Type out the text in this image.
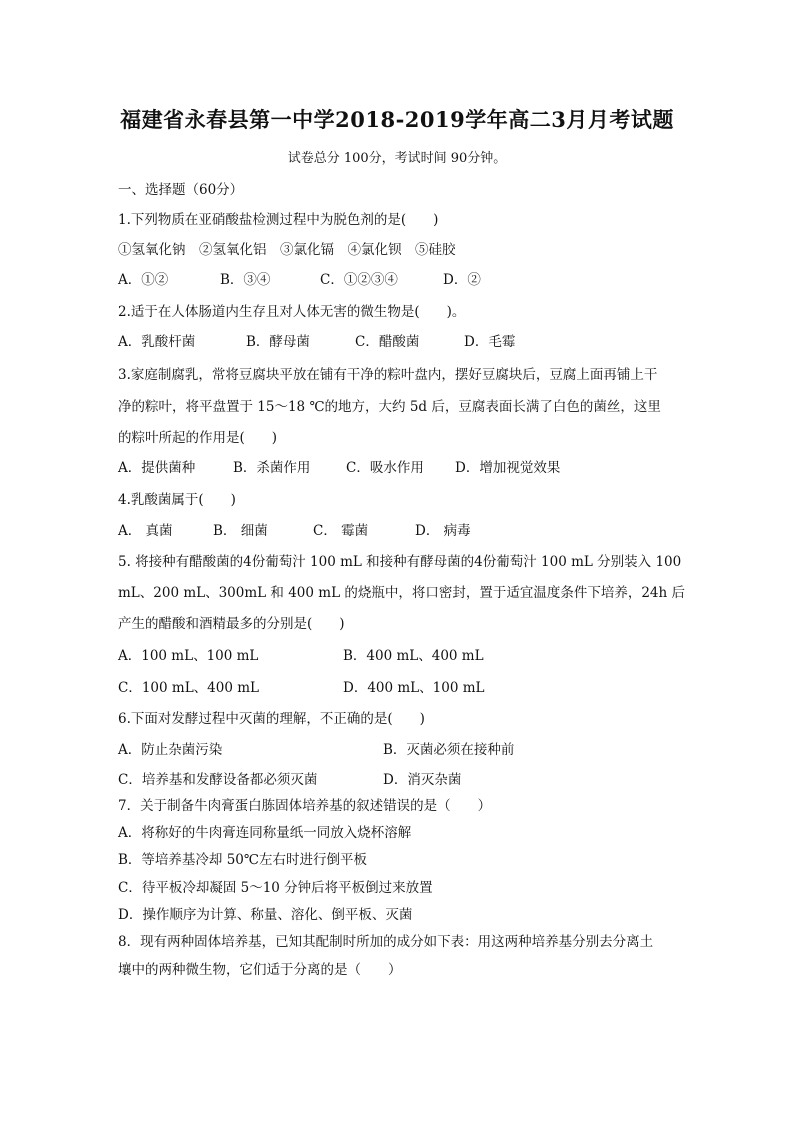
福建省永春县第一中学2018-2019学年高二3月月考试题
试卷总分 100分，考试时间 90分钟。
一、选择题（60分）
1.下列物质在亚硝酸盐检测过程中为脱色剂的是(　　)
①氢氧化钠　②氢氧化铝　③氯化镉　④氯化钡　⑤硅胶
A．①②	B．③④	C．①②③④	D．②
2.适于在人体肠道内生存且对人体无害的微生物是(　　)。
A．乳酸杆菌	B．酵母菌	C．醋酸菌	D．毛霉
3.家庭制腐乳，常将豆腐块平放在铺有干净的粽叶盘内，摆好豆腐块后，豆腐上面再铺上干
净的粽叶，将平盘置于 15～18 ℃的地方，大约 5d 后，豆腐表面长满了白色的菌丝，这里
的粽叶所起的作用是(　　)
A．提供菌种	B．杀菌作用	C．吸水作用 D．增加视觉效果
4.乳酸菌属于(　　)
A． 真菌	B． 细菌	C． 霉菌	D． 病毒
5. 将接种有醋酸菌的4份葡萄汁 100 mL 和接种有酵母菌的4份葡萄汁 100 mL 分别装入 100
mL、200 mL、300mL 和 400 mL 的烧瓶中，将口密封，置于适宜温度条件下培养，24h 后
产生的醋酸和酒精最多的分别是(　　)
A．100 mL、100 mL	B．400 mL、400 mL
C．100 mL、400 mL	D．400 mL、100 mL
6.下面对发酵过程中灭菌的理解，不正确的是(　　)
A．防止杂菌污染	B．灭菌必须在接种前
C．培养基和发酵设备都必须灭菌	D．消灭杂菌
7．关于制备牛肉膏蛋白胨固体培养基的叙述错误的是（　　）
A．将称好的牛肉膏连同称量纸一同放入烧杯溶解
B．等培养基冷却 50℃左右时进行倒平板
C．待平板冷却凝固 5～10 分钟后将平板倒过来放置
D．操作顺序为计算、称量、溶化、倒平板、灭菌
8．现有两种固体培养基，已知其配制时所加的成分如下表：用这两种培养基分别去分离土
壤中的两种微生物，它们适于分离的是（　　）
